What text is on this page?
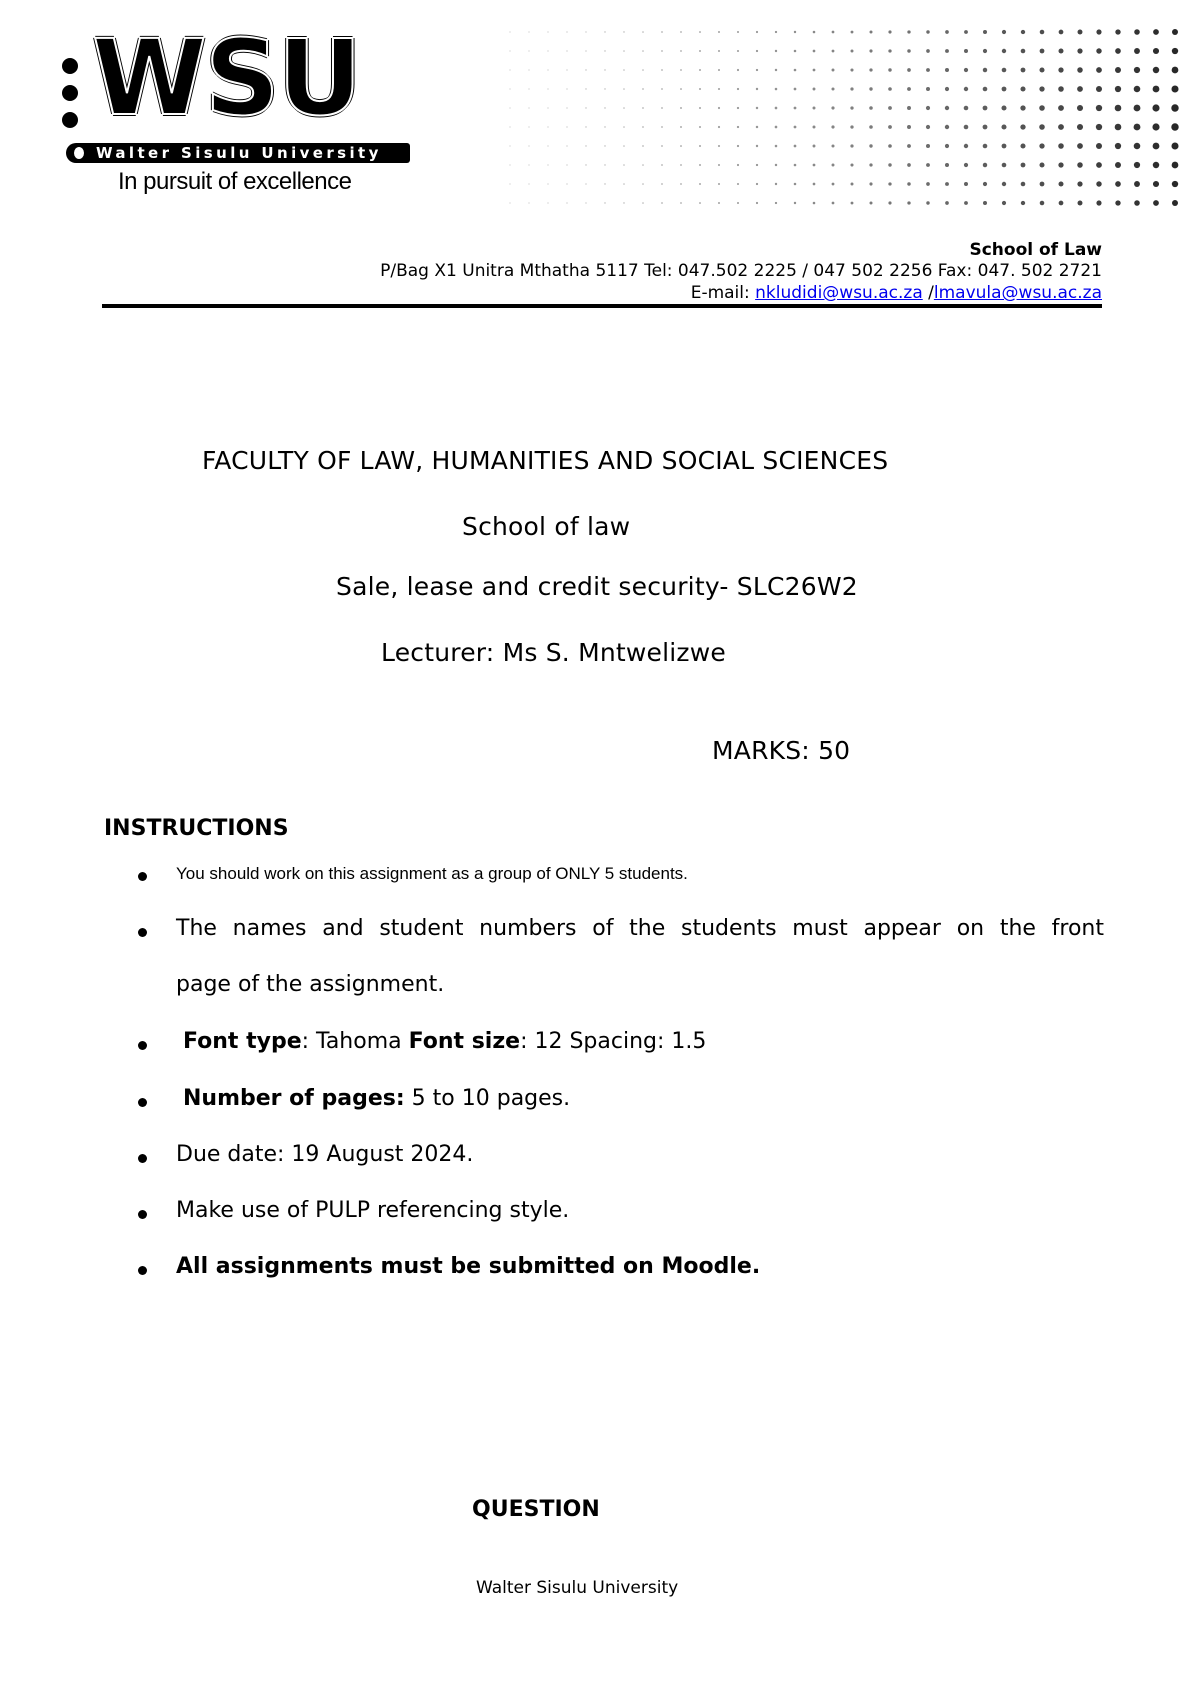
WSU
Walter Sisulu University
In pursuit of excellence
School of Law
P/Bag X1 Unitra Mthatha 5117 Tel: 047.502 2225 / 047 502 2256 Fax: 047. 502 2721
E-mail: nkludidi@wsu.ac.za /lmavula@wsu.ac.za
FACULTY OF LAW, HUMANITIES AND SOCIAL SCIENCES
School of law
Sale, lease and credit security- SLC26W2
Lecturer: Ms S. Mntwelizwe
MARKS: 50
INSTRUCTIONS
You should work on this assignment as a group of ONLY 5 students.
The names and student numbers of the students must appear on the front
page of the assignment.
Font type: Tahoma Font size: 12 Spacing: 1.5
Number of pages: 5 to 10 pages.
Due date: 19 August 2024.
Make use of PULP referencing style.
All assignments must be submitted on Moodle.
QUESTION
Walter Sisulu University
